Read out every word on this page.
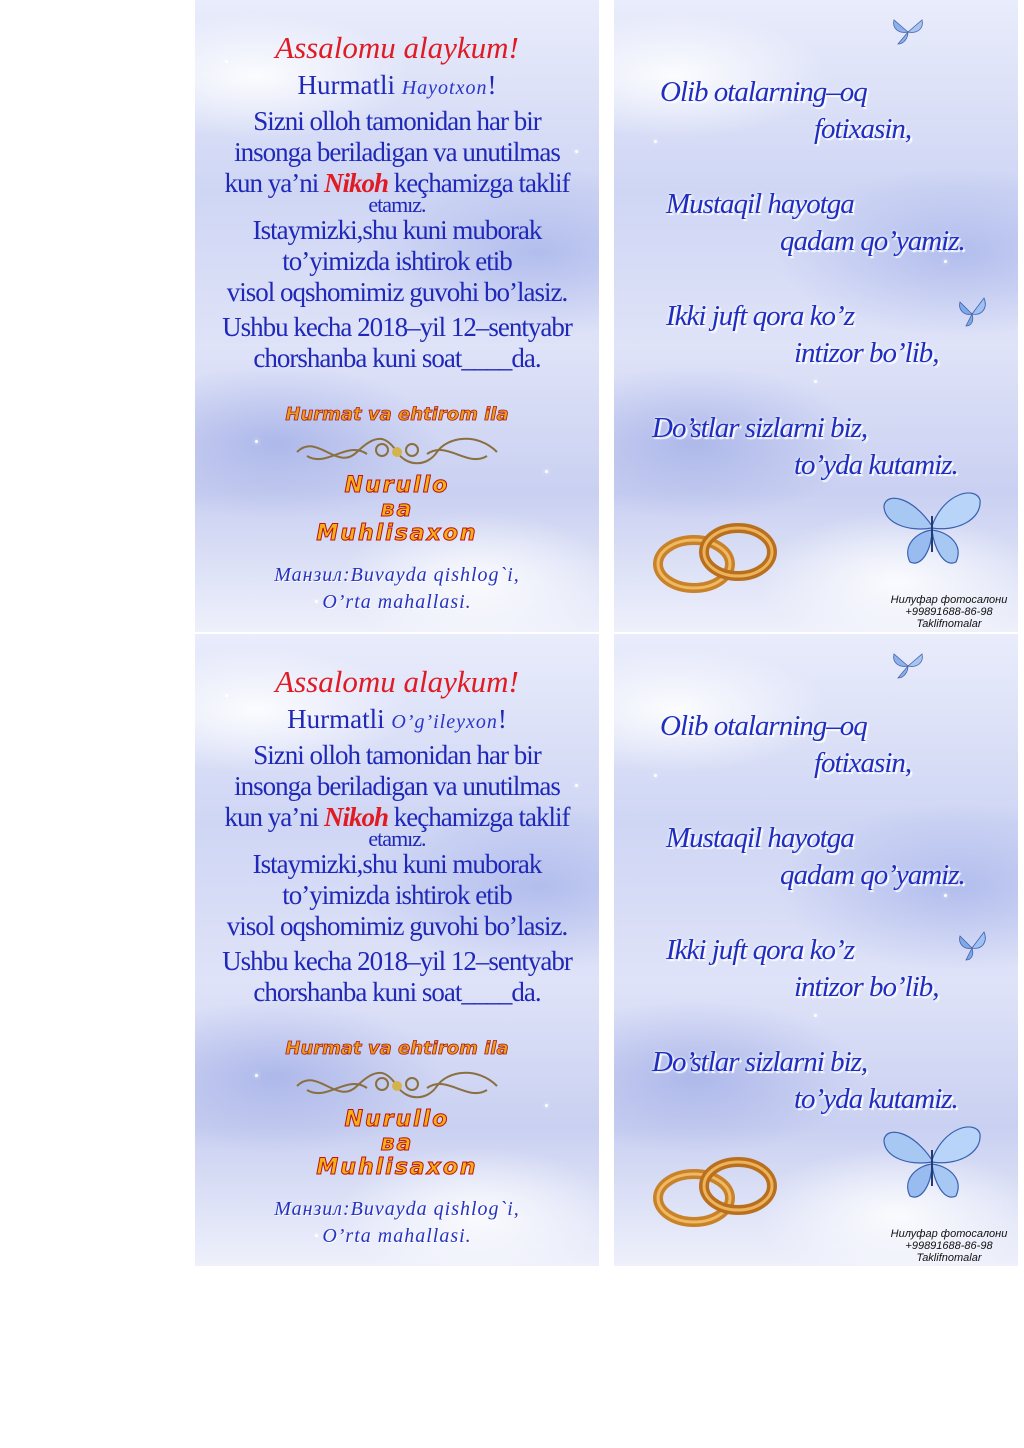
Assalomu alaykum!
Hurmatli Hayotxon!
Sizni olloh tamonidan har bir
insonga beriladigan va unutilmas
kun ya’ni Nikoh keçhamizga taklif
etamız.
Istaymizki,shu kuni muborak
to’yimizda ishtirok etib
visol oqshomimiz guvohi bo’lasiz.
Ushbu kecha 2018–yil 12–sentyabr
chorshanba kuni soat____da.
Hurmat va ehtirom ila
Nurullo
ва
Muhlisaxon
Манзил:Buvayda qishlog`i,
O’rta mahallasi.
Olib otalarning–oq
fotixasin,
Mustaqil hayotga
qadam qo’yamiz.
Ikki juft qora ko’z
intizor bo’lib,
Do’stlar sizlarni biz,
to’yda kutamiz.
Нилуфар фотосалони
+99891688-86-98
Taklifnomalar
Assalomu alaykum!
Hurmatli O’g’ileyxon!
Sizni olloh tamonidan har bir
insonga beriladigan va unutilmas
kun ya’ni Nikoh keçhamizga taklif
etamız.
Istaymizki,shu kuni muborak
to’yimizda ishtirok etib
visol oqshomimiz guvohi bo’lasiz.
Ushbu kecha 2018–yil 12–sentyabr
chorshanba kuni soat____da.
Hurmat va ehtirom ila
Nurullo
ва
Muhlisaxon
Манзил:Buvayda qishlog`i,
O’rta mahallasi.
Olib otalarning–oq
fotixasin,
Mustaqil hayotga
qadam qo’yamiz.
Ikki juft qora ko’z
intizor bo’lib,
Do’stlar sizlarni biz,
to’yda kutamiz.
Нилуфар фотосалони
+99891688-86-98
Taklifnomalar
